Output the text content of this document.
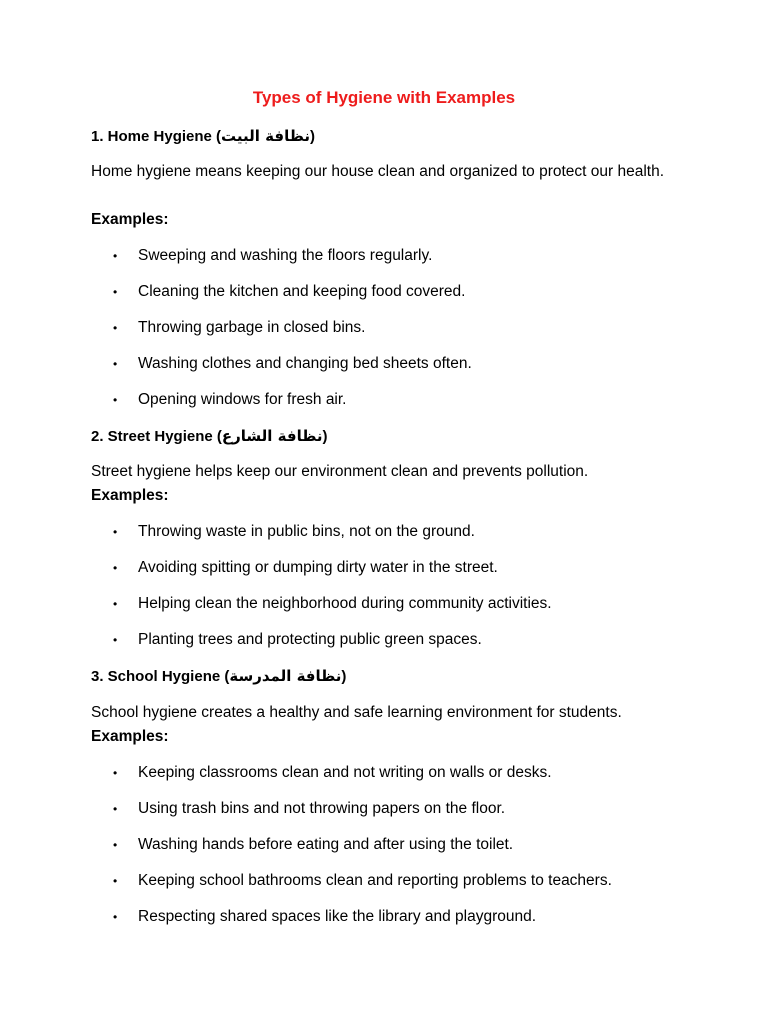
Types of Hygiene with Examples
1. Home Hygiene (نظافة البيت)
Home hygiene means keeping our house clean and organized to protect our health.
Examples:
• Sweeping and washing the floors regularly.
• Cleaning the kitchen and keeping food covered.
• Throwing garbage in closed bins.
• Washing clothes and changing bed sheets often.
• Opening windows for fresh air.
2. Street Hygiene (نظافة الشارع)
Street hygiene helps keep our environment clean and prevents pollution.
Examples:
• Throwing waste in public bins, not on the ground.
• Avoiding spitting or dumping dirty water in the street.
• Helping clean the neighborhood during community activities.
• Planting trees and protecting public green spaces.
3. School Hygiene (نظافة المدرسة)
School hygiene creates a healthy and safe learning environment for students.
Examples:
• Keeping classrooms clean and not writing on walls or desks.
• Using trash bins and not throwing papers on the floor.
• Washing hands before eating and after using the toilet.
• Keeping school bathrooms clean and reporting problems to teachers.
• Respecting shared spaces like the library and playground.
